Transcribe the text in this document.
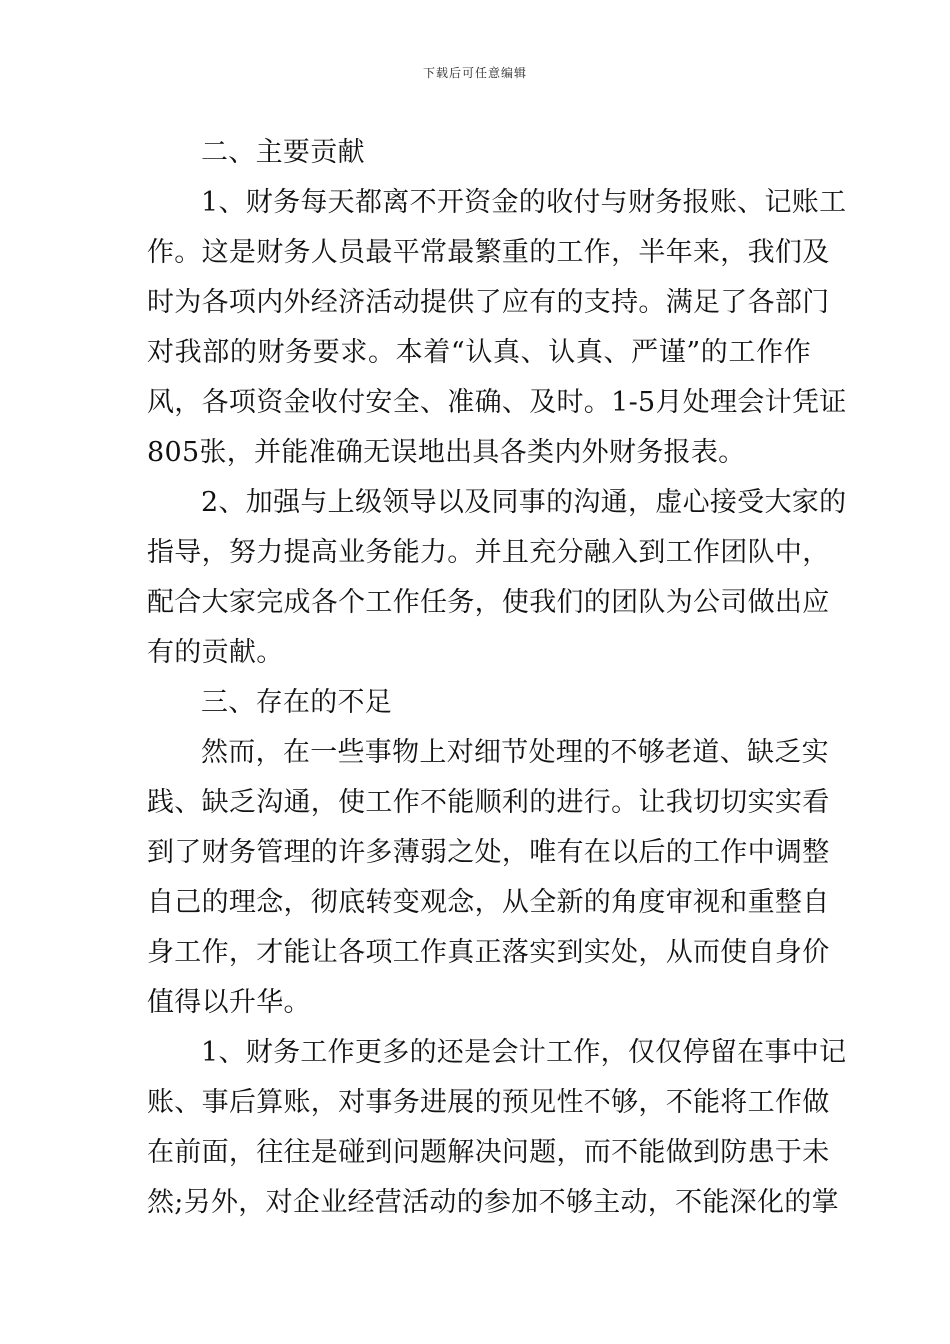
下载后可任意编辑
二、主要贡献
1、财务每天都离不开资金的收付与财务报账、记账工
作。这是财务人员最平常最繁重的工作，半年来，我们及
时为各项内外经济活动提供了应有的支持。满足了各部门
对我部的财务要求。本着“认真、认真、严谨”的工作作
风，各项资金收付安全、准确、及时。1-5月处理会计凭证
805张，并能准确无误地出具各类内外财务报表。
2、加强与上级领导以及同事的沟通，虚心接受大家的
指导，努力提高业务能力。并且充分融入到工作团队中，
配合大家完成各个工作任务，使我们的团队为公司做出应
有的贡献。
三、存在的不足
然而，在一些事物上对细节处理的不够老道、缺乏实
践、缺乏沟通，使工作不能顺利的进行。让我切切实实看
到了财务管理的许多薄弱之处，唯有在以后的工作中调整
自己的理念，彻底转变观念，从全新的角度审视和重整自
身工作，才能让各项工作真正落实到实处，从而使自身价
值得以升华。
1、财务工作更多的还是会计工作，仅仅停留在事中记
账、事后算账，对事务进展的预见性不够，不能将工作做
在前面，往往是碰到问题解决问题，而不能做到防患于未
然;另外，对企业经营活动的参加不够主动，不能深化的掌
